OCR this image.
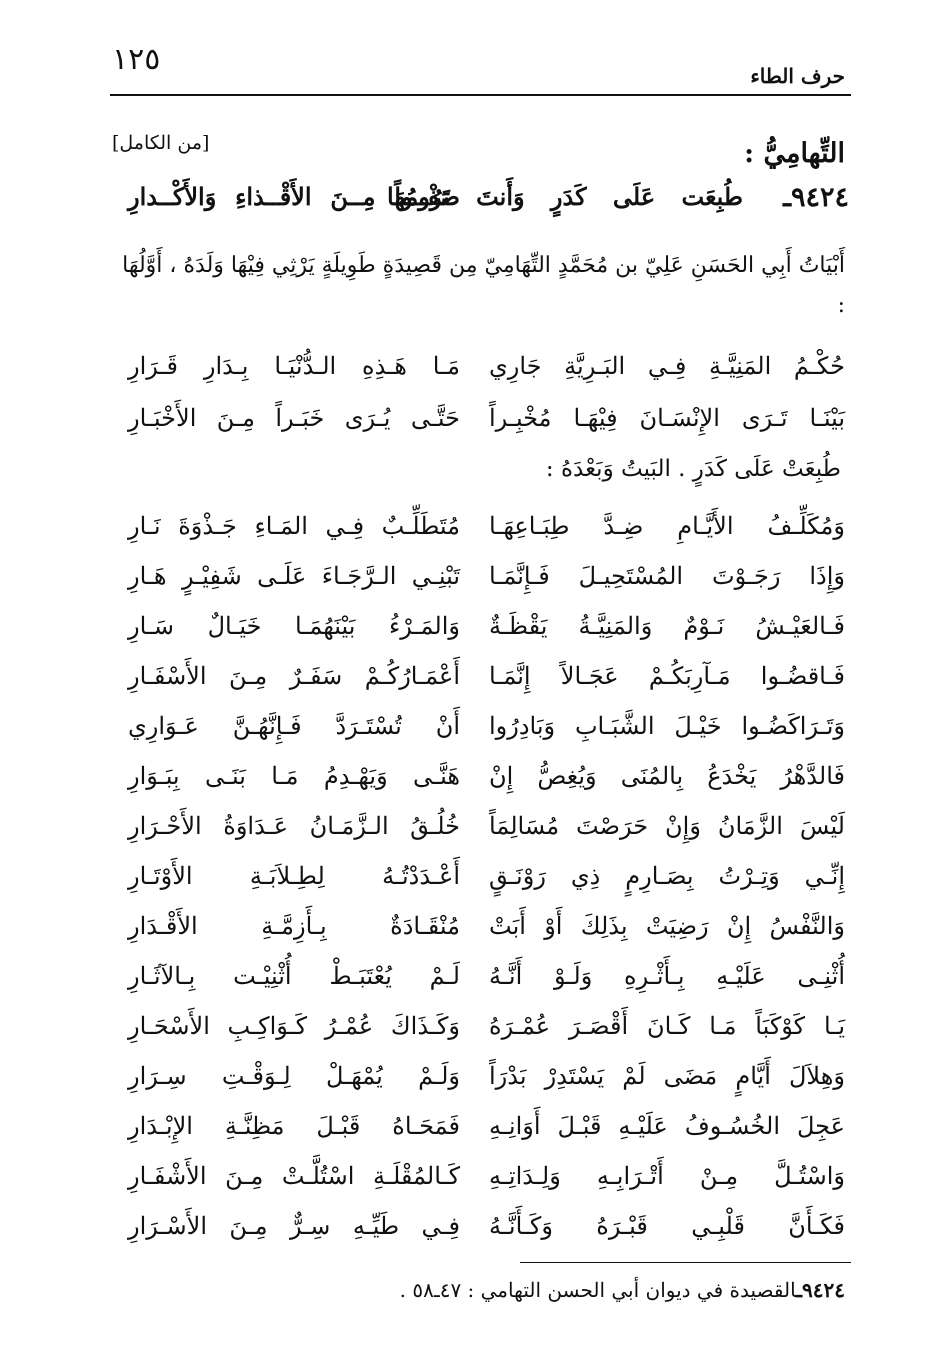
١٢٥	حرف الطاء
[من الكامل]	التِّهامِيُّ :
٩٤٢٤ـ
طُبِعَت عَلَى كَدَرٍ وَأَنتَ تَرُومُهَا
صَفْــواً مِــنَ الأَقْــذاءِ وَالأَكْــدارِ

أَبْيَاتُ أَبِي الحَسَنِ عَلِيّ بن مُحَمَّدٍ التِّهَامِيّ مِن قَصِيدَةٍ طَوِيلَةٍ يَرْثِي فِيْهَا وَلَدَهُ ، أَوَّلُهَا :

حُكْـمُ المَنِيَّـةِ فِـي البَـرِيَّةِ جَارِي
مَـا هَـذِهِ الـدُّنْيَـا بِـدَارِ قَـرَارِ
بَيْنَـا تَـرَى الإِنْسَـانَ فِيْهَـا مُخْبِـراً
حَتَّـى يُـرَى خَبَـراً مِـنَ الأَخْبَـارِ
طُبِعَتْ عَلَى كَدَرٍ . البَيتُ وَبَعْدَهُ :
وَمُكَلِّـفُ الأَيَّـامِ ضِـدَّ طِبَـاعِهَـا
مُتَطَلِّـبٌ فِـي المَـاءِ جَـذْوَةَ نَـارِ
وَإِذَا رَجَـوْتَ المُسْتَحِيـلَ فَـإِنَّمَـا
تَبْنِـي الـرَّجَـاءَ عَلَـى شَفِيْـرٍ هَـارِ
فَـالعَيْـشُ نَـوْمٌ وَالمَنِيَّـةُ يَقْظَـةٌ
وَالمَـرْءُ بَيْنَهُمَـا خَيَـالٌ سَـارِ
فَـاقضُـوا مَـآرِبَكُـمْ عَجَـالاً إِنَّمَـا
أَعْمَـارُكُـمْ سَفَـرٌ مِـنَ الأَسْفَـارِ
وَتَـرَاكَضُـوا خَيْـلَ الشَّبَـابِ وَبَادِرُوا
أَنْ تُسْتَـرَدَّ فَـإِنَّهُـنَّ عَـوَارِي
فَالدَّهْرُ يَخْدَعُ بِالمُنَى وَيُغِصُّ إِنْ
هَنَّـى وَيَهْـدِمُ مَـا بَنَـى بِبَـوَارِ
لَيْسَ الزَّمَانُ وَإِنْ حَرَصْتَ مُسَالِمَاً
خُلُـقُ الـزَّمَـانُ عَـدَاوَةُ الأَحْـرَارِ
إِنِّـي وَتِـرْتُ بِصَـارِمٍ ذِي رَوْنَـقٍ
أَعْـدَدْتُـهُ لِطِـلاَبَـةِ الأَوْتَـارِ
وَالنَّفْسُ إِنْ رَضِيَتْ بِذَلِكَ أَوْ أَبَتْ
مُنْقَـادَةٌ بِـأَزِمَّـةِ الأَقْـدَارِ
أُثْنِـى عَلَيْـهِ بِـأَثْـرِهِ وَلَـوْ أَنَّـهُ
لَـمْ يُعْتَبَـطْ أُثْنِيْـت بِـالآثَـارِ
يَـا كَوْكَبَاً مَـا كَـانَ أَقْصَـرَ عُمْـرَهُ
وَكَـذَاكَ عُمْـرُ كَـوَاكِـبِ الأَسْحَـارِ
وَهِلاَلَ أَيَّامٍ مَضَى لَمْ يَسْتَدِرْ بَدْرَاً
وَلَـمْ يُمْهَـلْ لِـوَقْـتِ سِـرَارِ
عَجِلَ الخُسُـوفُ عَلَيْـهِ قَبْـلَ أَوَانِـهِ
فَمَحَـاهُ قَبْـلَ مَظِنَّـةِ الإِبْـدَارِ
وَاسْتُـلَّ مِـنْ أَتْـرَابِـهِ وَلِـدَاتِـهِ
كَـالمُقْلَـةِ اسْتُلَّـتْ مِـنَ الأَشْفَـارِ
فَكَـأَنَّ قَلْبِـي قَبْـرَهُ وَكَـأَنَّـهُ
فِـي طَيِّـهِ سِـرٌّ مِـنَ الأَسْـرَارِ
٩٤٢٤ـالقصيدة في ديوان أبي الحسن التهامي : ٤٧ـ٥٨ .
